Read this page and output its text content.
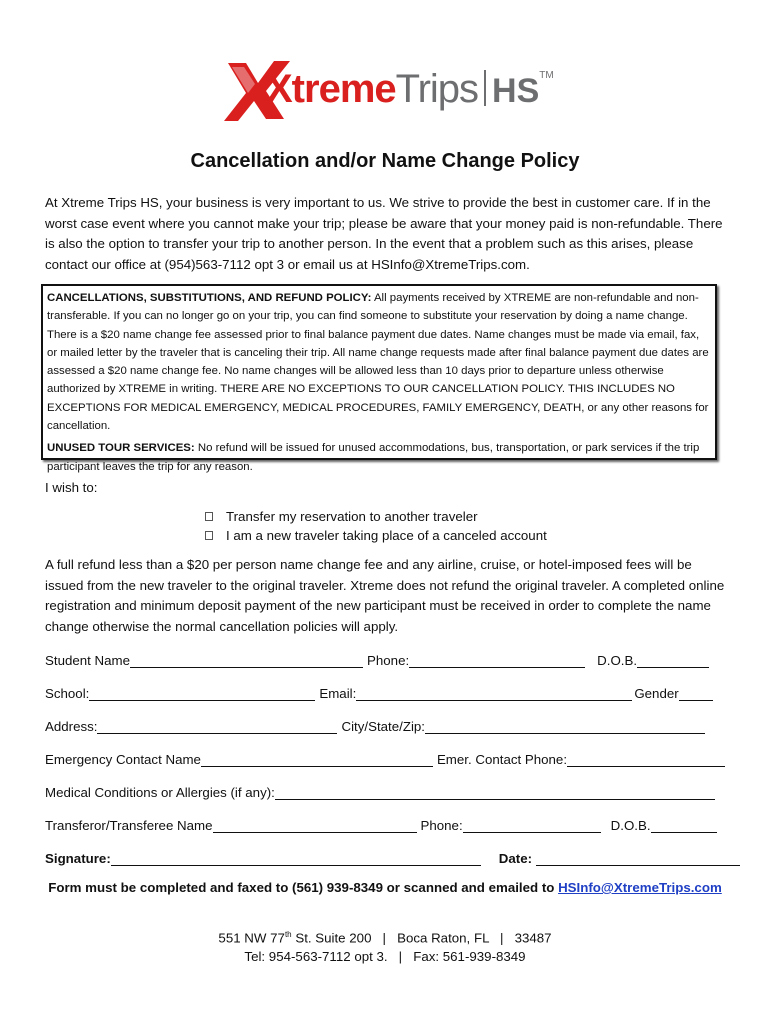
XtremeTrips HS™
Cancellation and/or Name Change Policy

At Xtreme Trips HS, your business is very important to us. We strive to provide the best in customer care. If in the worst case event where you cannot make your trip; please be aware that your money paid is non-refundable. There is also the option to transfer your trip to another person. In the event that a problem such as this arises, please contact our office at (954)563-7112 opt 3 or email us at HSInfo@XtremeTrips.com.

CANCELLATIONS, SUBSTITUTIONS, AND REFUND POLICY: All payments received by XTREME are non-refundable and non-transferable. If you can no longer go on your trip, you can find someone to substitute your reservation by doing a name change. There is a $20 name change fee assessed prior to final balance payment due dates. Name changes must be made via email, fax, or mailed letter by the traveler that is canceling their trip. All name change requests made after final balance payment due dates are assessed a $20 name change fee. No name changes will be allowed less than 10 days prior to departure unless otherwise authorized by XTREME in writing. THERE ARE NO EXCEPTIONS TO OUR CANCELLATION POLICY. THIS INCLUDES NO EXCEPTIONS FOR MEDICAL EMERGENCY, MEDICAL PROCEDURES, FAMILY EMERGENCY, DEATH, or any other reasons for cancellation.

UNUSED TOUR SERVICES: No refund will be issued for unused accommodations, bus, transportation, or park services if the trip participant leaves the trip for any reason.

I wish to:

Transfer my reservation to another traveler
I am a new traveler taking place of a canceled account

A full refund less than a $20 per person name change fee and any airline, cruise, or hotel-imposed fees will be issued from the new traveler to the original traveler. Xtreme does not refund the original traveler. A completed online registration and minimum deposit payment of the new participant must be received in order to complete the name change otherwise the normal cancellation policies will apply.

Student Name	Phone:	D.O.B.
School:	Email:	Gender
Address:	City/State/Zip:
Emergency Contact Name	Emer. Contact Phone:
Medical Conditions or Allergies (if any):
Transferor/Transferee Name	Phone:	D.O.B.
Signature:	Date:
Form must be completed and faxed to (561) 939-8349 or scanned and emailed to HSInfo@XtremeTrips.com
551 NW 77th St. Suite 200   |   Boca Raton, FL   |   33487
Tel: 954-563-7112 opt 3.   |   Fax: 561-939-8349
